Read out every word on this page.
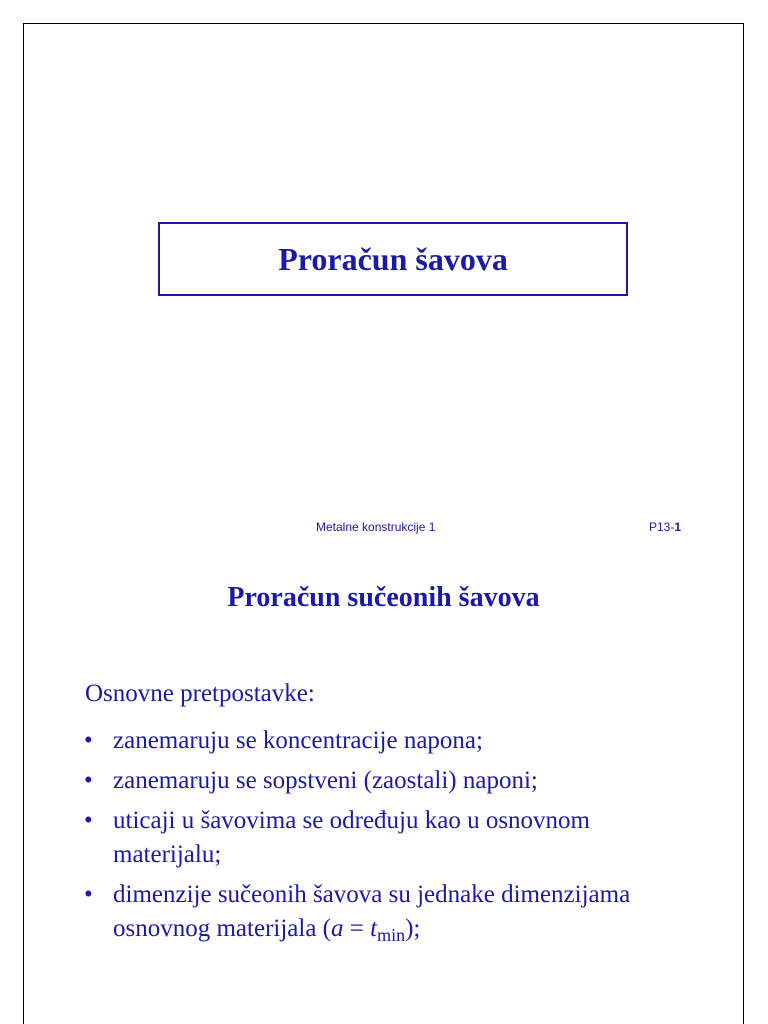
Proračun šavova
Metalne konstrukcije 1	P13-1
Proračun sučeonih šavova
Osnovne pretpostavke:
• zanemaruju se koncentracije napona;
• zanemaruju se sopstveni (zaostali) naponi;
• uticaji u šavovima se određuju kao u osnovnom materijalu;
• dimenzije sučeonih šavova su jednake dimenzijama osnovnog materijala $(a = t_{min})$;
